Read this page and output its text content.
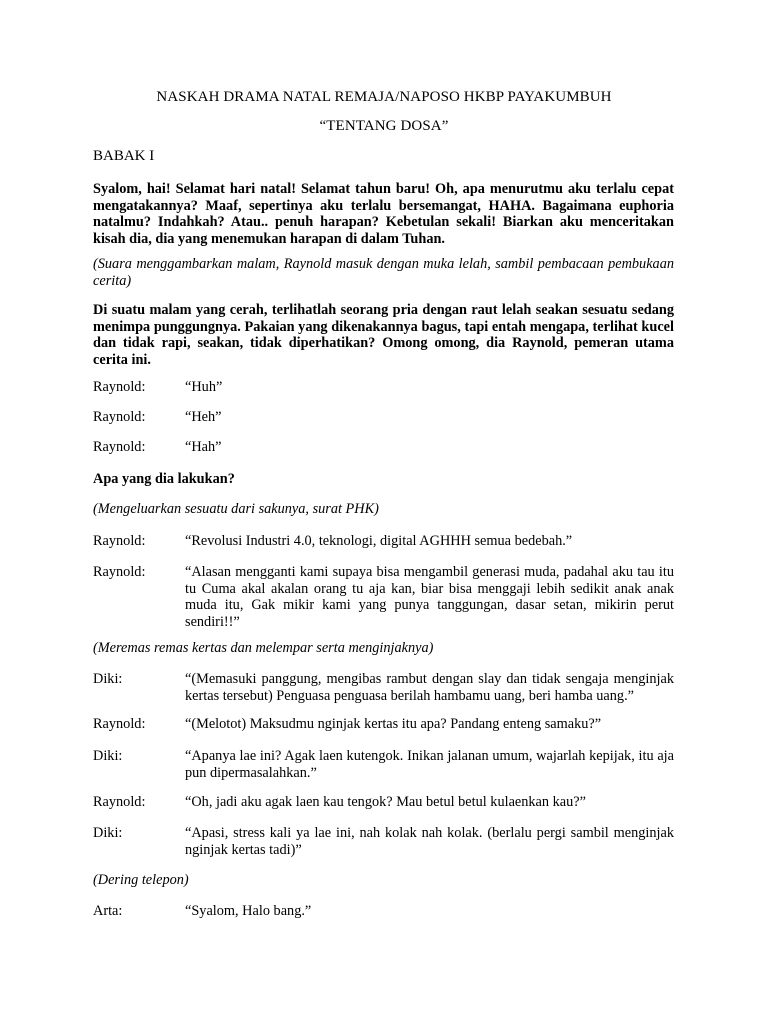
NASKAH DRAMA NATAL REMAJA/NAPOSO HKBP PAYAKUMBUH
“TENTANG DOSA”
BABAK I
Syalom, hai! Selamat hari natal! Selamat tahun baru! Oh, apa menurutmu aku terlalu cepat mengatakannya? Maaf, sepertinya aku terlalu bersemangat, HAHA. Bagaimana euphoria natalmu? Indahkah? Atau.. penuh harapan? Kebetulan sekali! Biarkan aku menceritakan kisah dia, dia yang menemukan harapan di dalam Tuhan.
(Suara menggambarkan malam, Raynold masuk dengan muka lelah, sambil pembacaan pembukaan cerita)
Di suatu malam yang cerah, terlihatlah seorang pria dengan raut lelah seakan sesuatu sedang menimpa punggungnya. Pakaian yang dikenakannya bagus, tapi entah mengapa, terlihat kucel dan tidak rapi, seakan, tidak diperhatikan? Omong omong, dia Raynold, pemeran utama cerita ini.
Raynold:	“Huh”
Raynold:	“Heh”
Raynold:	“Hah”
Apa yang dia lakukan?
(Mengeluarkan sesuatu dari sakunya, surat PHK)
Raynold:	“Revolusi Industri 4.0, teknologi, digital AGHHH semua bedebah.”
Raynold:	“Alasan mengganti kami supaya bisa mengambil generasi muda, padahal aku tau itu tu Cuma akal akalan orang tu aja kan, biar bisa menggaji lebih sedikit anak anak muda itu, Gak mikir kami yang punya tanggungan, dasar setan, mikirin perut sendiri!!”
(Meremas remas kertas dan melempar serta menginjaknya)
Diki:	“(Memasuki panggung, mengibas rambut dengan slay dan tidak sengaja menginjak kertas tersebut) Penguasa penguasa berilah hambamu uang, beri hamba uang.”
Raynold:	“(Melotot) Maksudmu nginjak kertas itu apa? Pandang enteng samaku?”
Diki:	“Apanya lae ini? Agak laen kutengok. Inikan jalanan umum, wajarlah kepijak, itu aja pun dipermasalahkan.”
Raynold:	“Oh, jadi aku agak laen kau tengok? Mau betul betul kulaenkan kau?”
Diki:	“Apasi, stress kali ya lae ini, nah kolak nah kolak. (berlalu pergi sambil menginjak nginjak kertas tadi)”
(Dering telepon)
Arta:	“Syalom, Halo bang.”
